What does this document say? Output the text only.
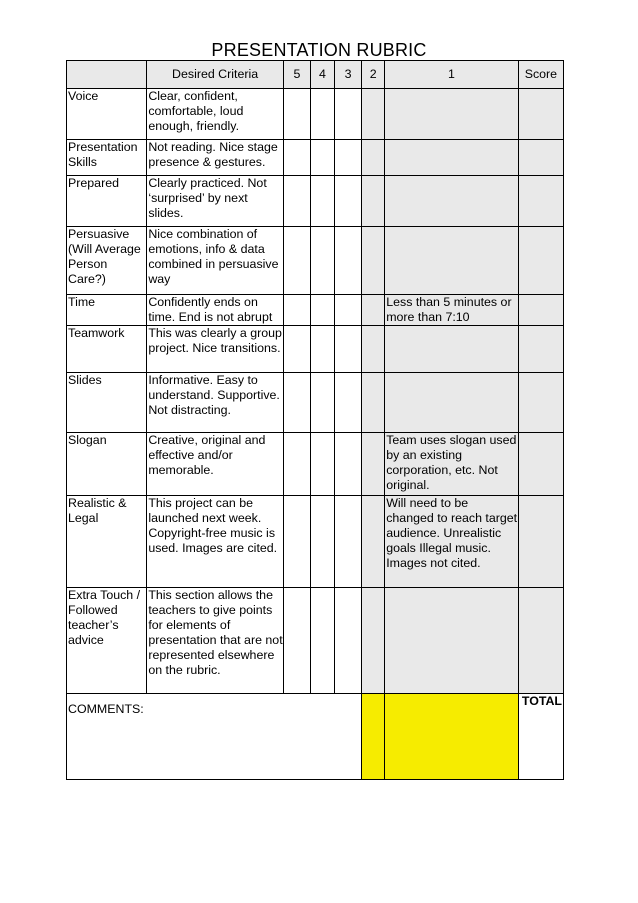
PRESENTATION RUBRIC
	Desired Criteria	5	4	3	2	1	Score
Voice	Clear, confident, comfortable, loud enough, friendly.						
Presentation Skills	Not reading. Nice stage presence & gestures.						
Prepared	Clearly practiced. Not ‘surprised’ by next slides.						
Persuasive (Will Average Person Care?)	Nice combination of emotions, info & data combined in persuasive way						
Time	Confidently ends on time. End is not abrupt					Less than 5 minutes or more than 7:10	
Teamwork	This was clearly a group project. Nice transitions.						
Slides	Informative. Easy to understand. Supportive. Not distracting.						
Slogan	Creative, original and effective and/or memorable.					Team uses slogan used by an existing corporation, etc. Not original.	
Realistic & Legal	This project can be launched next week. Copyright-free music is used. Images are cited.					Will need to be changed to reach target audience. Unrealistic goals Illegal music. Images not cited.	
Extra Touch / Followed teacher’s advice	This section allows the teachers to give points for elements of presentation that are not represented elsewhere on the rubric.						
COMMENTS:							TOTAL
